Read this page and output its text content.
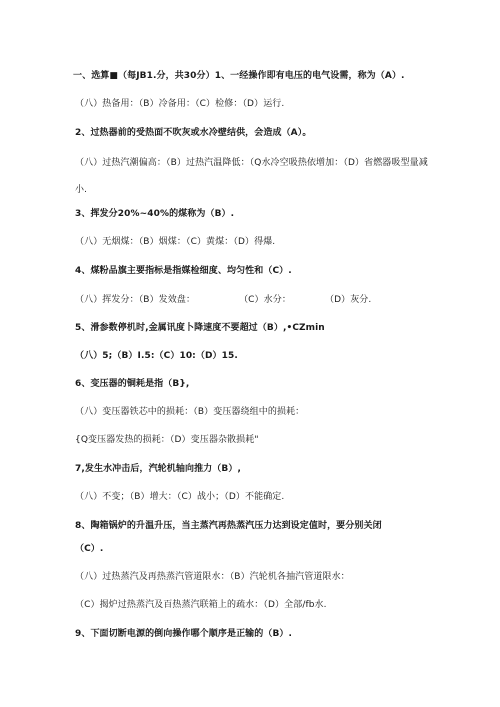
一、选算■（每JB1.分，共30分）1、一经操作即有电压的电气设需，称为（A）.
（八）热备用：（B）冷备用：（C）检修：（D）运行.
2、过热器前的受热面不吹灰或水冷壁结供，会造成（A）。
（八）过热汽潮偏高：（B）过热汽温降低：（Q水冷空吸热依增加：（D）省燃器吸型量减
小.
3、挥发分20%~40%的煤称为（B）.
（八）无烟煤：（B）烟煤：（C）黄煤：（D）得爆.
4、煤粉品旗主要指标是指媒检细度、均匀性和（C）.
（八）挥发分：（B）发效盘：	（C）水分：	（D）灰分.
5、滑参数停机时,金属讯度卜降速度不要超过（B）,•CZmin
（八）5;（B）I.5:（C）10:（D）15.
6、变压器的铜耗是指（B},
（八）变压器铁芯中的损耗：（B）变压器绕组中的损耗：
{Q变压器发热的损耗：（D）变压器杂散损耗"
7,发生水冲击后，汽轮机轴向推力（B）,
（八）不变；（B）增大：（C）战小；（D）不能确定.
8、陶箱锅炉的升温升压，当主蒸汽再热蒸汽压力达到设定值时，要分别关闭
（C）.
（八）过热蒸汽及再热蒸汽管道限水：（B）汽轮机各抽汽管道限水：
（C）揭炉过热蒸汽及百热蒸汽联箱上的疏水：（D）全部/fb水.
9、下面切断电源的倒向操作哪个顺序是正输的（B）.
